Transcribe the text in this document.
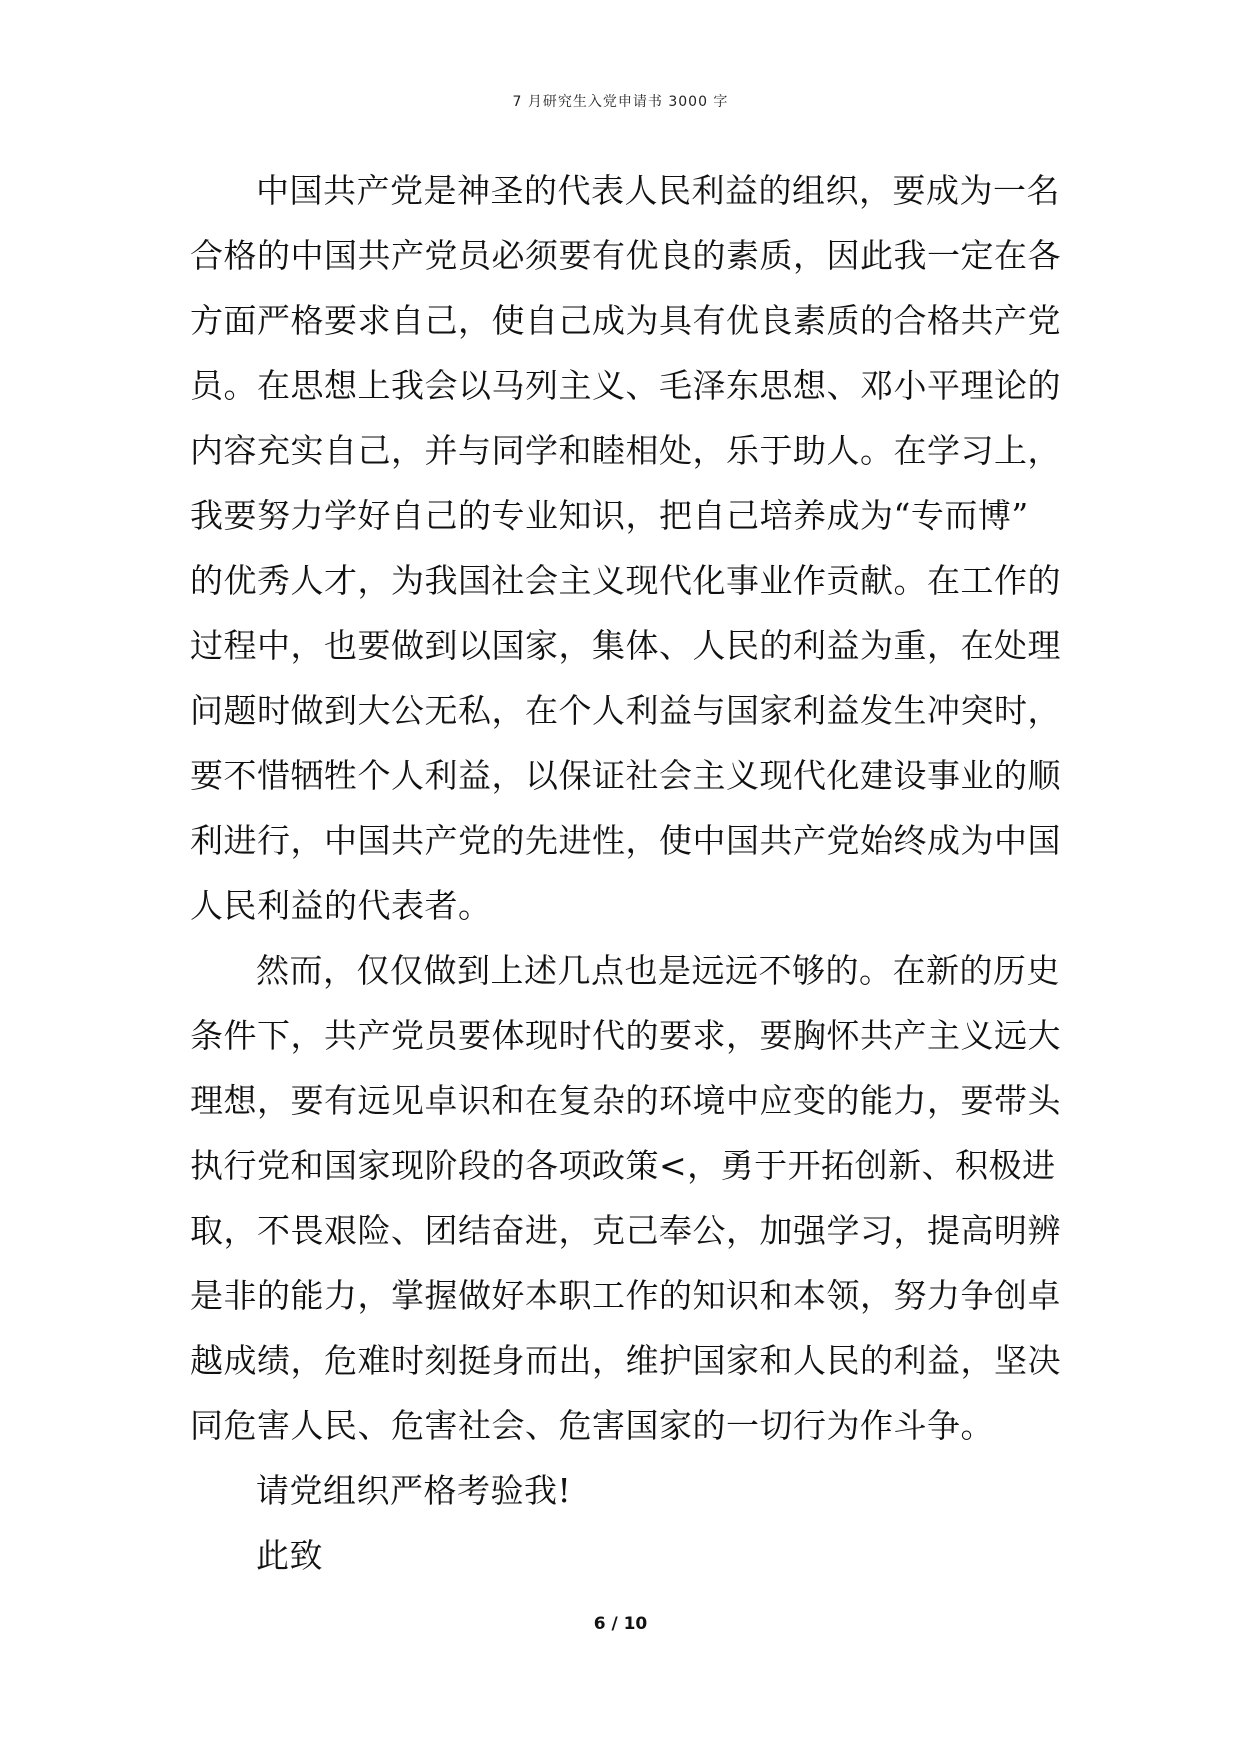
7 月研究生入党申请书 3000 字
中国共产党是神圣的代表人民利益的组织，要成为一名
合格的中国共产党员必须要有优良的素质，因此我一定在各
方面严格要求自己，使自己成为具有优良素质的合格共产党
员。在思想上我会以马列主义、毛泽东思想、邓小平理论的
内容充实自己，并与同学和睦相处，乐于助人。在学习上，
我要努力学好自己的专业知识，把自己培养成为“专而博”
的优秀人才，为我国社会主义现代化事业作贡献。在工作的
过程中，也要做到以国家，集体、人民的利益为重，在处理
问题时做到大公无私，在个人利益与国家利益发生冲突时，
要不惜牺牲个人利益，以保证社会主义现代化建设事业的顺
利进行，中国共产党的先进性，使中国共产党始终成为中国
人民利益的代表者。
然而，仅仅做到上述几点也是远远不够的。在新的历史
条件下，共产党员要体现时代的要求，要胸怀共产主义远大
理想，要有远见卓识和在复杂的环境中应变的能力，要带头
执行党和国家现阶段的各项政策<，勇于开拓创新、积极进
取，不畏艰险、团结奋进，克己奉公，加强学习，提高明辨
是非的能力，掌握做好本职工作的知识和本领，努力争创卓
越成绩，危难时刻挺身而出，维护国家和人民的利益，坚决
同危害人民、危害社会、危害国家的一切行为作斗争。
请党组织严格考验我!
此致
6 / 10
